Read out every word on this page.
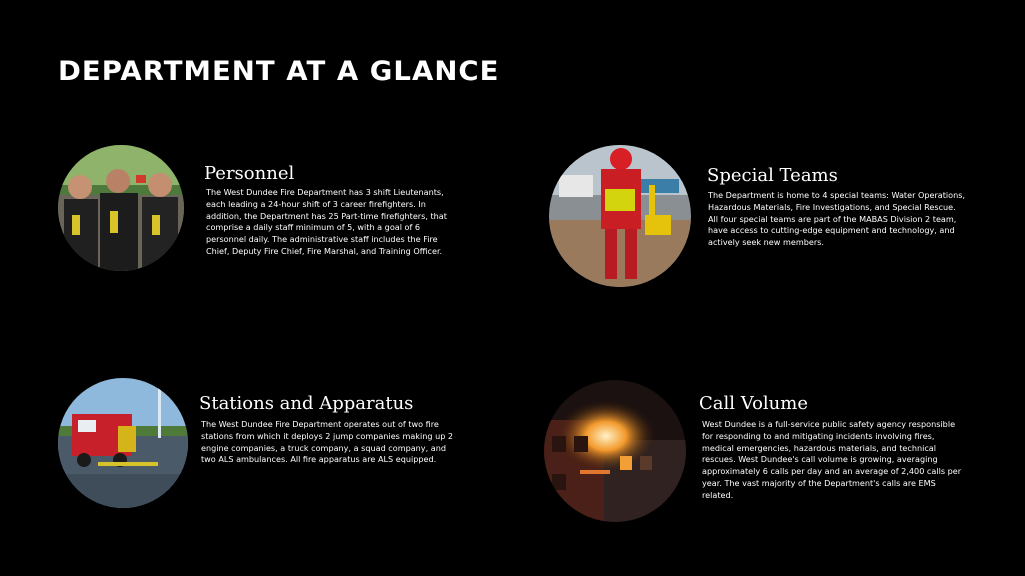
DEPARTMENT AT A GLANCE
Personnel
The West Dundee Fire Department has 3 shift Lieutenants, each leading a 24-hour shift of 3 career firefighters. In addition, the Department has 25 Part-time firefighters, that comprise a daily staff minimum of 5, with a goal of 6 personnel daily. The administrative staff includes the Fire Chief, Deputy Fire Chief, Fire Marshal, and Training Officer.
Special Teams
The Department is home to 4 special teams: Water Operations, Hazardous Materials, Fire Investigations, and Special Rescue. All four special teams are part of the MABAS Division 2 team, have access to cutting-edge equipment and technology, and actively seek new members.
Stations and Apparatus
The West Dundee Fire Department operates out of two fire stations from which it deploys 2 jump companies making up 2 engine companies, a truck company, a squad company, and two ALS ambulances. All fire apparatus are ALS equipped.
Call Volume
West Dundee is a full-service public safety agency responsible for responding to and mitigating incidents involving fires, medical emergencies, hazardous materials, and technical rescues. West Dundee's call volume is growing, averaging approximately 6 calls per day and an average of 2,400 calls per year. The vast majority of the Department's calls are EMS related.
